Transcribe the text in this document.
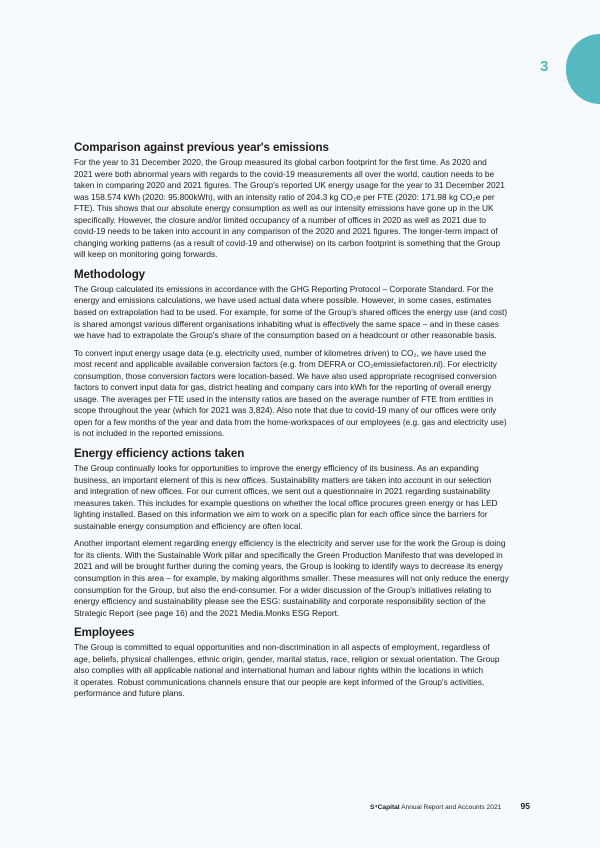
3
Comparison against previous year's emissions

For the year to 31 December 2020, the Group measured its global carbon footprint for the first time. As 2020 and
2021 were both abnormal years with regards to the covid-19 measurements all over the world, caution needs to be
taken in comparing 2020 and 2021 figures. The Group's reported UK energy usage for the year to 31 December 2021
was 158.574 kWh (2020: 95.800kWh), with an intensity ratio of 204.3 kg CO₂e per FTE (2020: 171.98 kg CO₂e per
FTE). This shows that our absolute energy consumption as well as our intensity emissions have gone up in the UK
specifically. However, the closure and/or limited occupancy of a number of offices in 2020 as well as 2021 due to
covid-19 needs to be taken into account in any comparison of the 2020 and 2021 figures. The longer-term impact of
changing working patterns (as a result of covid-19 and otherwise) on its carbon footprint is something that the Group
will keep on monitoring going forwards.

Methodology

The Group calculated its emissions in accordance with the GHG Reporting Protocol – Corporate Standard. For the
energy and emissions calculations, we have used actual data where possible. However, in some cases, estimates
based on extrapolation had to be used. For example, for some of the Group's shared offices the energy use (and cost)
is shared amongst various different organisations inhabiting what is effectively the same space – and in these cases
we have had to extrapolate the Group's share of the consumption based on a headcount or other reasonable basis.

To convert input energy usage data (e.g. electricity used, number of kilometres driven) to CO₂, we have used the
most recent and applicable available conversion factors (e.g. from DEFRA or CO₂emissiefactoren.nl). For electricity
consumption, those conversion factors were location-based. We have also used appropriate recognised conversion
factors to convert input data for gas, district heating and company cars into kWh for the reporting of overall energy
usage. The averages per FTE used in the intensity ratios are based on the average number of FTE from entities in
scope throughout the year (which for 2021 was 3,824). Also note that due to covid-19 many of our offices were only
open for a few months of the year and data from the home-workspaces of our employees (e.g. gas and electricity use)
is not included in the reported emissions.

Energy efficiency actions taken

The Group continually looks for opportunities to improve the energy efficiency of its business. As an expanding
business, an important element of this is new offices. Sustainability matters are taken into account in our selection
and integration of new offices. For our current offices, we sent out a questionnaire in 2021 regarding sustainability
measures taken. This includes for example questions on whether the local office procures green energy or has LED
lighting installed. Based on this information we aim to work on a specific plan for each office since the barriers for
sustainable energy consumption and efficiency are often local.

Another important element regarding energy efficiency is the electricity and server use for the work the Group is doing
for its clients. With the Sustainable Work pillar and specifically the Green Production Manifesto that was developed in
2021 and will be brought further during the coming years, the Group is looking to identify ways to decrease its energy
consumption in this area – for example, by making algorithms smaller. These measures will not only reduce the energy
consumption for the Group, but also the end-consumer. For a wider discussion of the Group's initiatives relating to
energy efficiency and sustainability please see the ESG: sustainability and corporate responsibility section of the
Strategic Report (see page 16) and the 2021 Media.Monks ESG Report.

Employees

The Group is committed to equal opportunities and non-discrimination in all aspects of employment, regardless of
age, beliefs, physical challenges, ethnic origin, gender, marital status, race, religion or sexual orientation. The Group
also complies with all applicable national and international human and labour rights within the locations in which
it operates. Robust communications channels ensure that our people are kept informed of the Group's activities,
performance and future plans.

S⁴Capital Annual Report and Accounts 2021 95
